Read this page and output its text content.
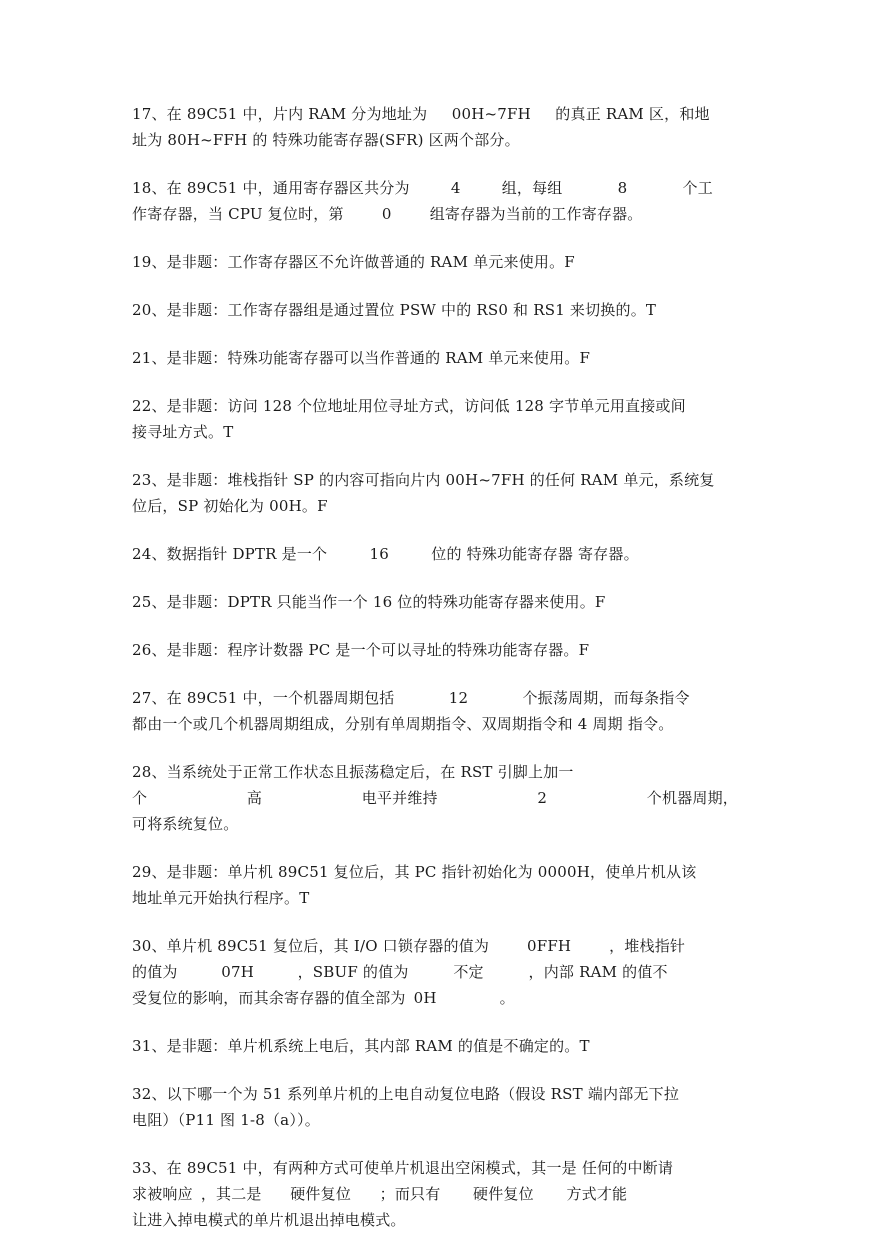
17、在 89C51 中，片内 RAM 分为地址为 00H~7FH 的真正 RAM 区，和地
址为 80H~FFH 的 特殊功能寄存器(SFR) 区两个部分。
18、在 89C51 中，通用寄存器区共分为	4	组，每组	8	个工
作寄存器，当 CPU 复位时，第	0	组寄存器为当前的工作寄存器。
19、是非题：工作寄存器区不允许做普通的 RAM 单元来使用。F
20、是非题：工作寄存器组是通过置位 PSW 中的 RS0 和 RS1 来切换的。T
21、是非题：特殊功能寄存器可以当作普通的 RAM 单元来使用。F
22、是非题：访问 128 个位地址用位寻址方式，访问低 128 字节单元用直接或间
接寻址方式。T
23、是非题：堆栈指针 SP 的内容可指向片内 00H~7FH 的任何 RAM 单元，系统复
位后，SP 初始化为 00H。F
24、数据指针 DPTR 是一个	16	位的 特殊功能寄存器 寄存器。
25、是非题：DPTR 只能当作一个 16 位的特殊功能寄存器来使用。F
26、是非题：程序计数器 PC 是一个可以寻址的特殊功能寄存器。F
27、在 89C51 中，一个机器周期包括	12	个振荡周期，而每条指令
都由一个或几个机器周期组成，分别有单周期指令、双周期指令和 4 周期 指令。
28、当系统处于正常工作状态且振荡稳定后，在 RST 引脚上加一
个	高	电平并维持	2	个机器周期，
可将系统复位。
29、是非题：单片机 89C51 复位后，其 PC 指针初始化为 0000H，使单片机从该
地址单元开始执行程序。T
30、单片机 89C51 复位后，其 I/O 口锁存器的值为	0FFH	，堆栈指针
的值为	07H	，SBUF 的值为	不定	，内部 RAM 的值不
受复位的影响，而其余寄存器的值全部为 0H	。
31、是非题：单片机系统上电后，其内部 RAM 的值是不确定的。T
32、以下哪一个为 51 系列单片机的上电自动复位电路（假设 RST 端内部无下拉
电阻）（P11 图 1-8（a））。
33、在 89C51 中，有两种方式可使单片机退出空闲模式，其一是 任何的中断请
求被响应 ，其二是 硬件复位 ；而只有 硬件复位 方式才能
让进入掉电模式的单片机退出掉电模式。
